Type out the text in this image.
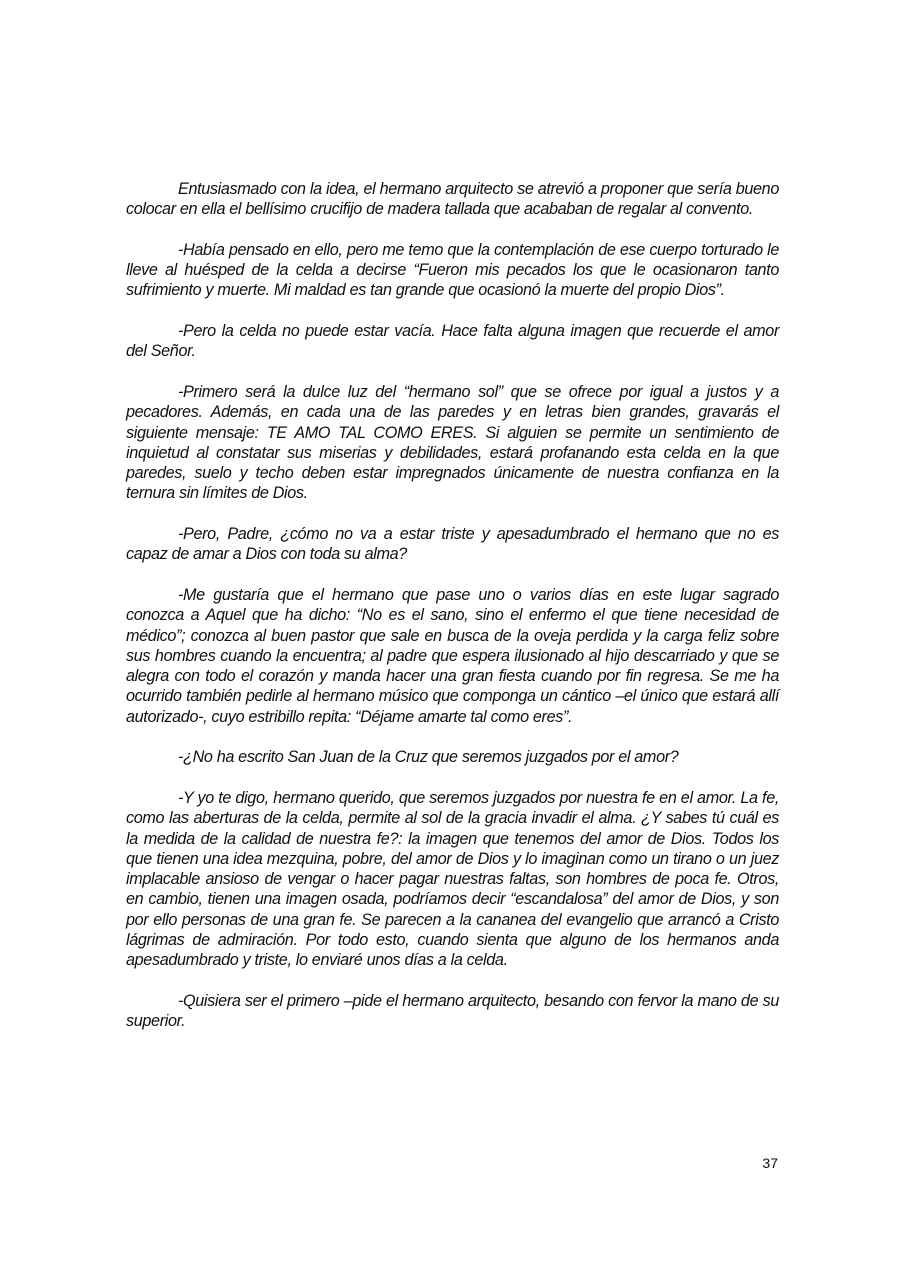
Entusiasmado con la idea, el hermano arquitecto se atrevió a proponer que sería bueno colocar en ella el bellísimo crucifijo de madera tallada que acababan de regalar al convento.

-Había pensado en ello, pero me temo que la contemplación de ese cuerpo torturado le lleve al huésped de la celda a decirse “Fueron mis pecados los que le ocasionaron tanto sufrimiento y muerte. Mi maldad es tan grande que ocasionó la muerte del propio Dios”.

-Pero la celda no puede estar vacía. Hace falta alguna imagen que recuerde el amor del Señor.

-Primero será la dulce luz del “hermano sol” que se ofrece por igual a justos y a pecadores. Además, en cada una de las paredes y en letras bien grandes, gravarás el siguiente mensaje: TE AMO TAL COMO ERES. Si alguien se permite un sentimiento de inquietud al constatar sus miserias y debilidades, estará profanando esta celda en la que paredes, suelo y techo deben estar impregnados únicamente de nuestra confianza en la ternura sin límites de Dios.

-Pero, Padre, ¿cómo no va a estar triste y apesadumbrado el hermano que no es capaz de amar a Dios con toda su alma?

-Me gustaría que el hermano que pase uno o varios días en este lugar sagrado conozca a Aquel que ha dicho: “No es el sano, sino el enfermo el que tiene necesidad de médico”; conozca al buen pastor que sale en busca de la oveja perdida y la carga feliz sobre sus hombres cuando la encuentra; al padre que espera ilusionado al hijo descarriado y que se alegra con todo el corazón y manda hacer una gran fiesta cuando por fin regresa. Se me ha ocurrido también pedirle al hermano músico que componga un cántico –el único que estará allí autorizado-, cuyo estribillo repita: “Déjame amarte tal como eres”.

-¿No ha escrito San Juan de la Cruz que seremos juzgados por el amor?

-Y yo te digo, hermano querido, que seremos juzgados por nuestra fe en el amor. La fe, como las aberturas de la celda, permite al sol de la gracia invadir el alma. ¿Y sabes tú cuál es la medida de la calidad de nuestra fe?: la imagen que tenemos del amor de Dios. Todos los que tienen una idea mezquina, pobre, del amor de Dios y lo imaginan como un tirano o un juez implacable ansioso de vengar o hacer pagar nuestras faltas, son hombres de poca fe. Otros, en cambio, tienen una imagen osada, podríamos decir “escandalosa” del amor de Dios, y son por ello personas de una gran fe. Se parecen a la cananea del evangelio que arrancó a Cristo lágrimas de admiración. Por todo esto, cuando sienta que alguno de los hermanos anda apesadumbrado y triste, lo enviaré unos días a la celda.

-Quisiera ser el primero –pide el hermano arquitecto, besando con fervor la mano de su superior.

37
